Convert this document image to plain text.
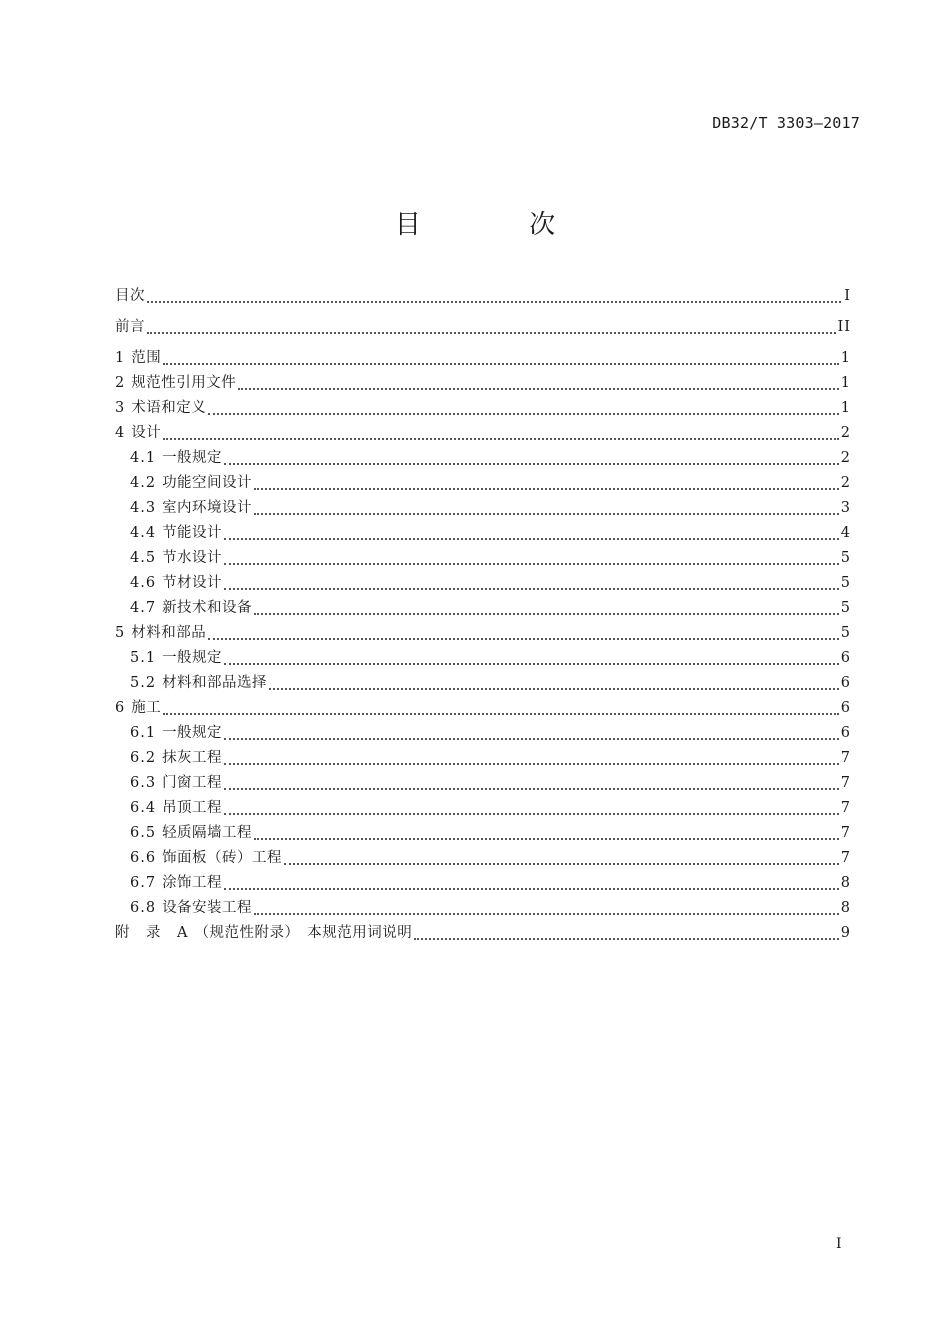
DB32/T 3303—2017
目 次
目次	I
前言	II
1 范围	1
2 规范性引用文件	1
3 术语和定义	1
4 设计	2
4.1 一般规定	2
4.2 功能空间设计	2
4.3 室内环境设计	3
4.4 节能设计	4
4.5 节水设计	5
4.6 节材设计	5
4.7 新技术和设备	5
5 材料和部品	5
5.1 一般规定	6
5.2 材料和部品选择	6
6 施工	6
6.1 一般规定	6
6.2 抹灰工程	7
6.3 门窗工程	7
6.4 吊顶工程	7
6.5 轻质隔墙工程	7
6.6 饰面板（砖）工程	7
6.7 涂饰工程	8
6.8 设备安装工程	8
附　录　A （规范性附录）　本规范用词说明	9
I
